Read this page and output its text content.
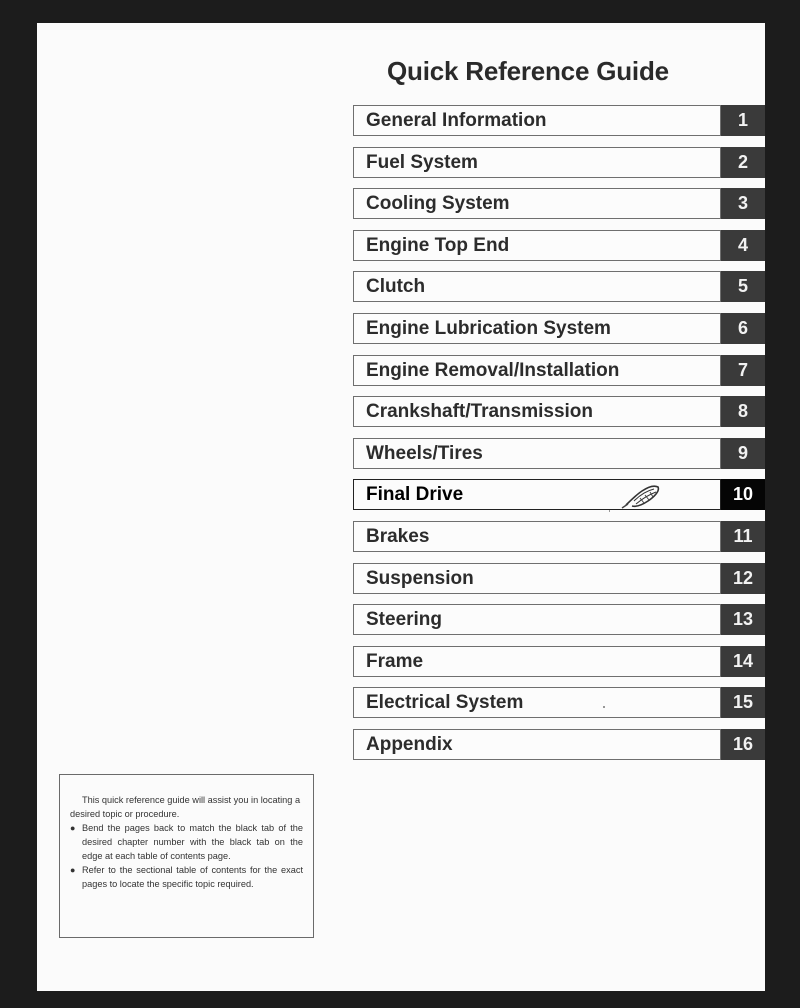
Quick Reference Guide
General Information	1
Fuel System	2
Cooling System	3
Engine Top End	4
Clutch	5
Engine Lubrication System	6
Engine Removal/Installation	7
Crankshaft/Transmission	8
Wheels/Tires	9
Final Drive	10
Brakes	11
Suspension	12
Steering	13
Frame	14
Electrical System	15
Appendix	16

This quick reference guide will assist you in locating a desired topic or procedure.

● Bend the pages back to match the black tab of the desired chapter number with the black tab on the edge at each table of contents page.

● Refer to the sectional table of contents for the exact pages to locate the specific topic required.
